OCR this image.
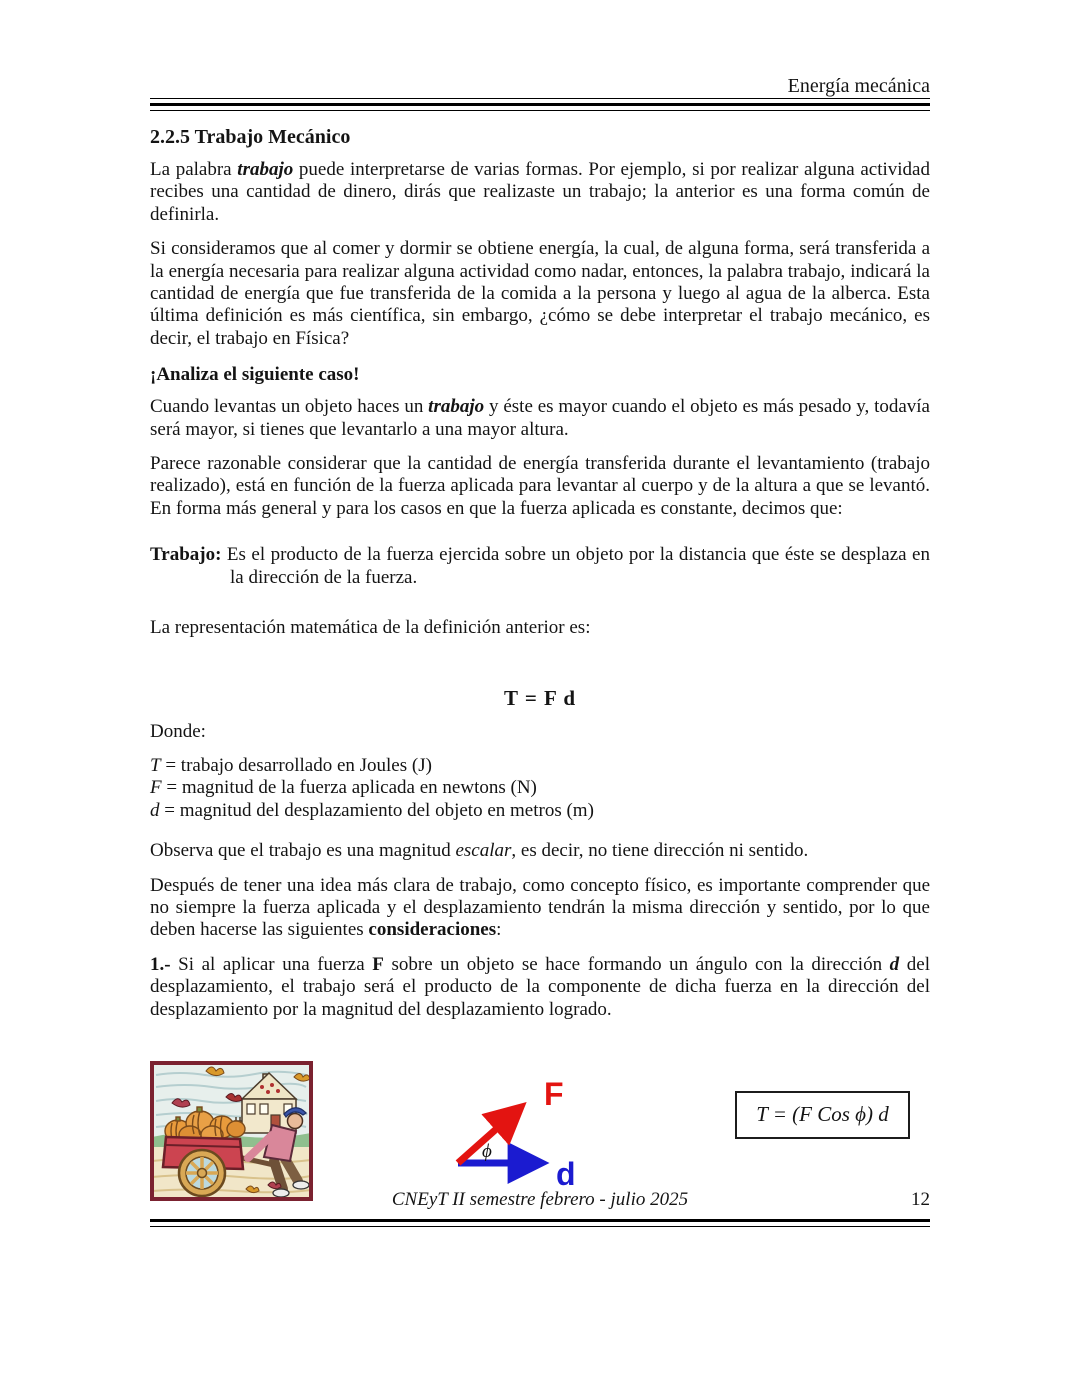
Energía mecánica
2.2.5 Trabajo Mecánico

La palabra trabajo puede interpretarse de varias formas. Por ejemplo, si por realizar alguna actividad recibes una cantidad de dinero, dirás que realizaste un trabajo; la anterior es una forma común de definirla.

Si consideramos que al comer y dormir se obtiene energía, la cual, de alguna forma, será transferida a la energía necesaria para realizar alguna actividad como nadar, entonces, la palabra trabajo, indicará la cantidad de energía que fue transferida de la comida a la persona y luego al agua de la alberca. Esta última definición es más científica, sin embargo, ¿cómo se debe interpretar el trabajo mecánico, es decir, el trabajo en Física?

¡Analiza el siguiente caso!

Cuando levantas un objeto haces un trabajo y éste es mayor cuando el objeto es más pesado y, todavía será mayor, si tienes que levantarlo a una mayor altura.

Parece razonable considerar que la cantidad de energía transferida durante el levantamiento (trabajo realizado), está en función de la fuerza aplicada para levantar al cuerpo y de la altura a que se levantó. En forma más general y para los casos en que la fuerza aplicada es constante, decimos que:

Trabajo: Es el producto de la fuerza ejercida sobre un objeto por la distancia que éste se desplaza en la dirección de la fuerza.

La representación matemática de la definición anterior es:

T = F d

Donde:

T = trabajo desarrollado en Joules (J)
F = magnitud de la fuerza aplicada en newtons (N)
d = magnitud del desplazamiento del objeto en metros (m)

Observa que el trabajo es una magnitud escalar, es decir, no tiene dirección ni sentido.

Después de tener una idea más clara de trabajo, como concepto físico, es importante comprender que no siempre la fuerza aplicada y el desplazamiento tendrán la misma dirección y sentido, por lo que deben hacerse las siguientes consideraciones:

1.- Si al aplicar una fuerza F sobre un objeto se hace formando un ángulo con la dirección d del desplazamiento, el trabajo será el producto de la componente de dicha fuerza en la dirección del desplazamiento por la magnitud del desplazamiento logrado.

F
d
ϕ
T = (F Cos ϕ) d
CNEyT II semestre febrero - julio 2025	12
